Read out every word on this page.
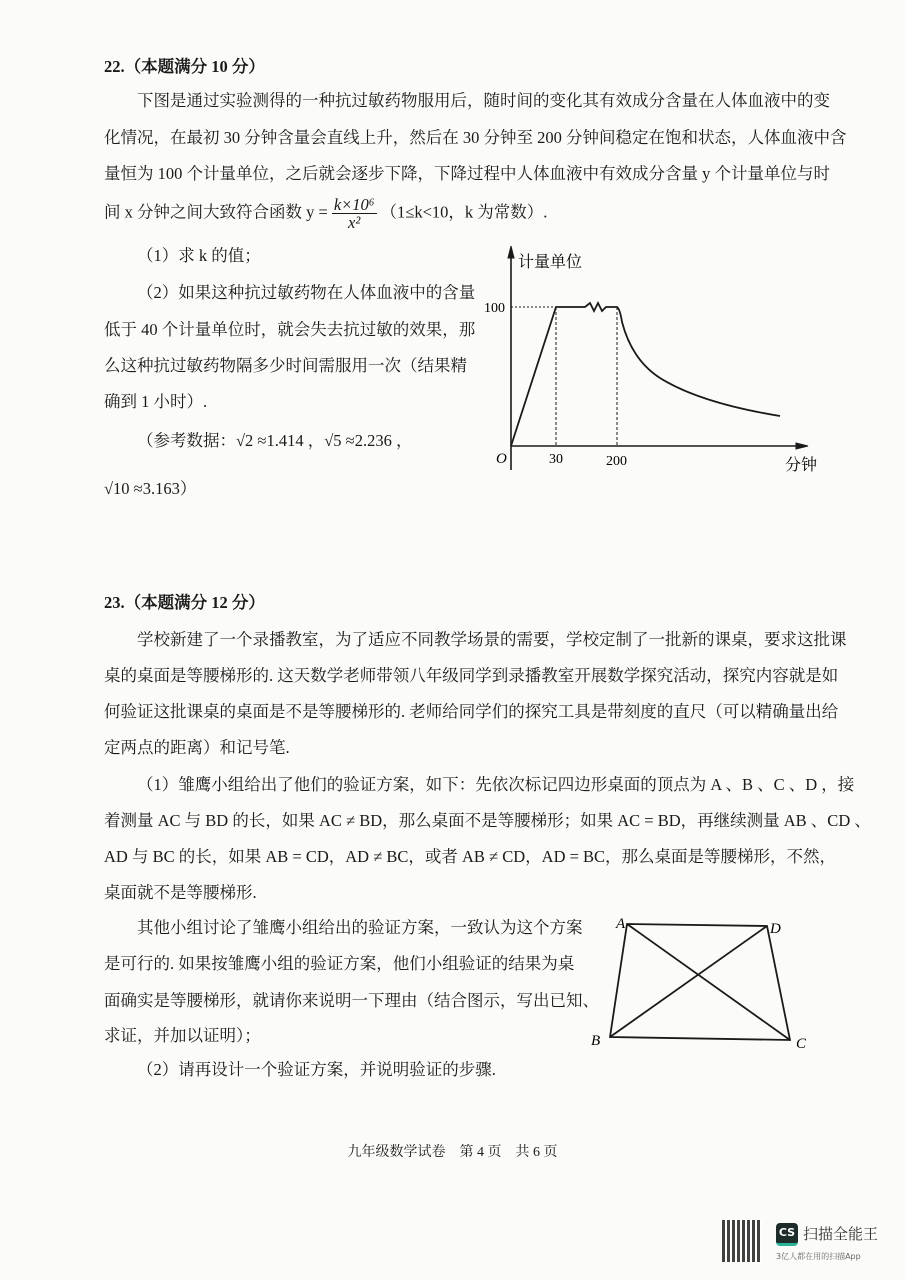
22.（本题满分 10 分）
下图是通过实验测得的一种抗过敏药物服用后，随时间的变化其有效成分含量在人体血液中的变
化情况，在最初 30 分钟含量会直线上升，然后在 30 分钟至 200 分钟间稳定在饱和状态，人体血液中含
量恒为 100 个计量单位，之后就会逐步下降，下降过程中人体血液中有效成分含量 y 个计量单位与时
间 x 分钟之间大致符合函数 $y = \frac{\text{k×10⁶}}{\text{x²}} (1\le k<10$，k 为常数）.
（1）求 k 的值；
（2）如果这种抗过敏药物在人体血液中的含量
低于 40 个计量单位时，就会失去抗过敏的效果，那
么这种抗过敏药物隔多少时间需服用一次（结果精
确到 1 小时）.
（参考数据：√2 ≈1.414 ，√5 ≈2.236 ，
√10 ≈3.163）
计量单位
100
O	30	200	分钟
23.（本题满分 12 分）
学校新建了一个录播教室，为了适应不同教学场景的需要，学校定制了一批新的课桌，要求这批课
桌的桌面是等腰梯形的. 这天数学老师带领八年级同学到录播教室开展数学探究活动，探究内容就是如
何验证这批课桌的桌面是不是等腰梯形的. 老师给同学们的探究工具是带刻度的直尺（可以精确量出给
定两点的距离）和记号笔.
（1）雏鹰小组给出了他们的验证方案，如下：先依次标记四边形桌面的顶点为 A 、B 、C 、D ，接
着测量 AC 与 BD 的长，如果 AC ≠ BD，那么桌面不是等腰梯形；如果 AC = BD，再继续测量 AB 、CD 、
AD 与 BC 的长，如果 AB = CD，AD ≠ BC，或者 AB ≠ CD，AD = BC，那么桌面是等腰梯形，不然，
桌面就不是等腰梯形.
其他小组讨论了雏鹰小组给出的验证方案，一致认为这个方案
是可行的. 如果按雏鹰小组的验证方案，他们小组验证的结果为桌
面确实是等腰梯形，就请你来说明一下理由（结合图示，写出已知、
求证，并加以证明）；
（2）请再设计一个验证方案，并说明验证的步骤.
A	D
B	C
九年级数学试卷　第 4 页　共 6 页
CS 扫描全能王
3亿人都在用的扫描App
